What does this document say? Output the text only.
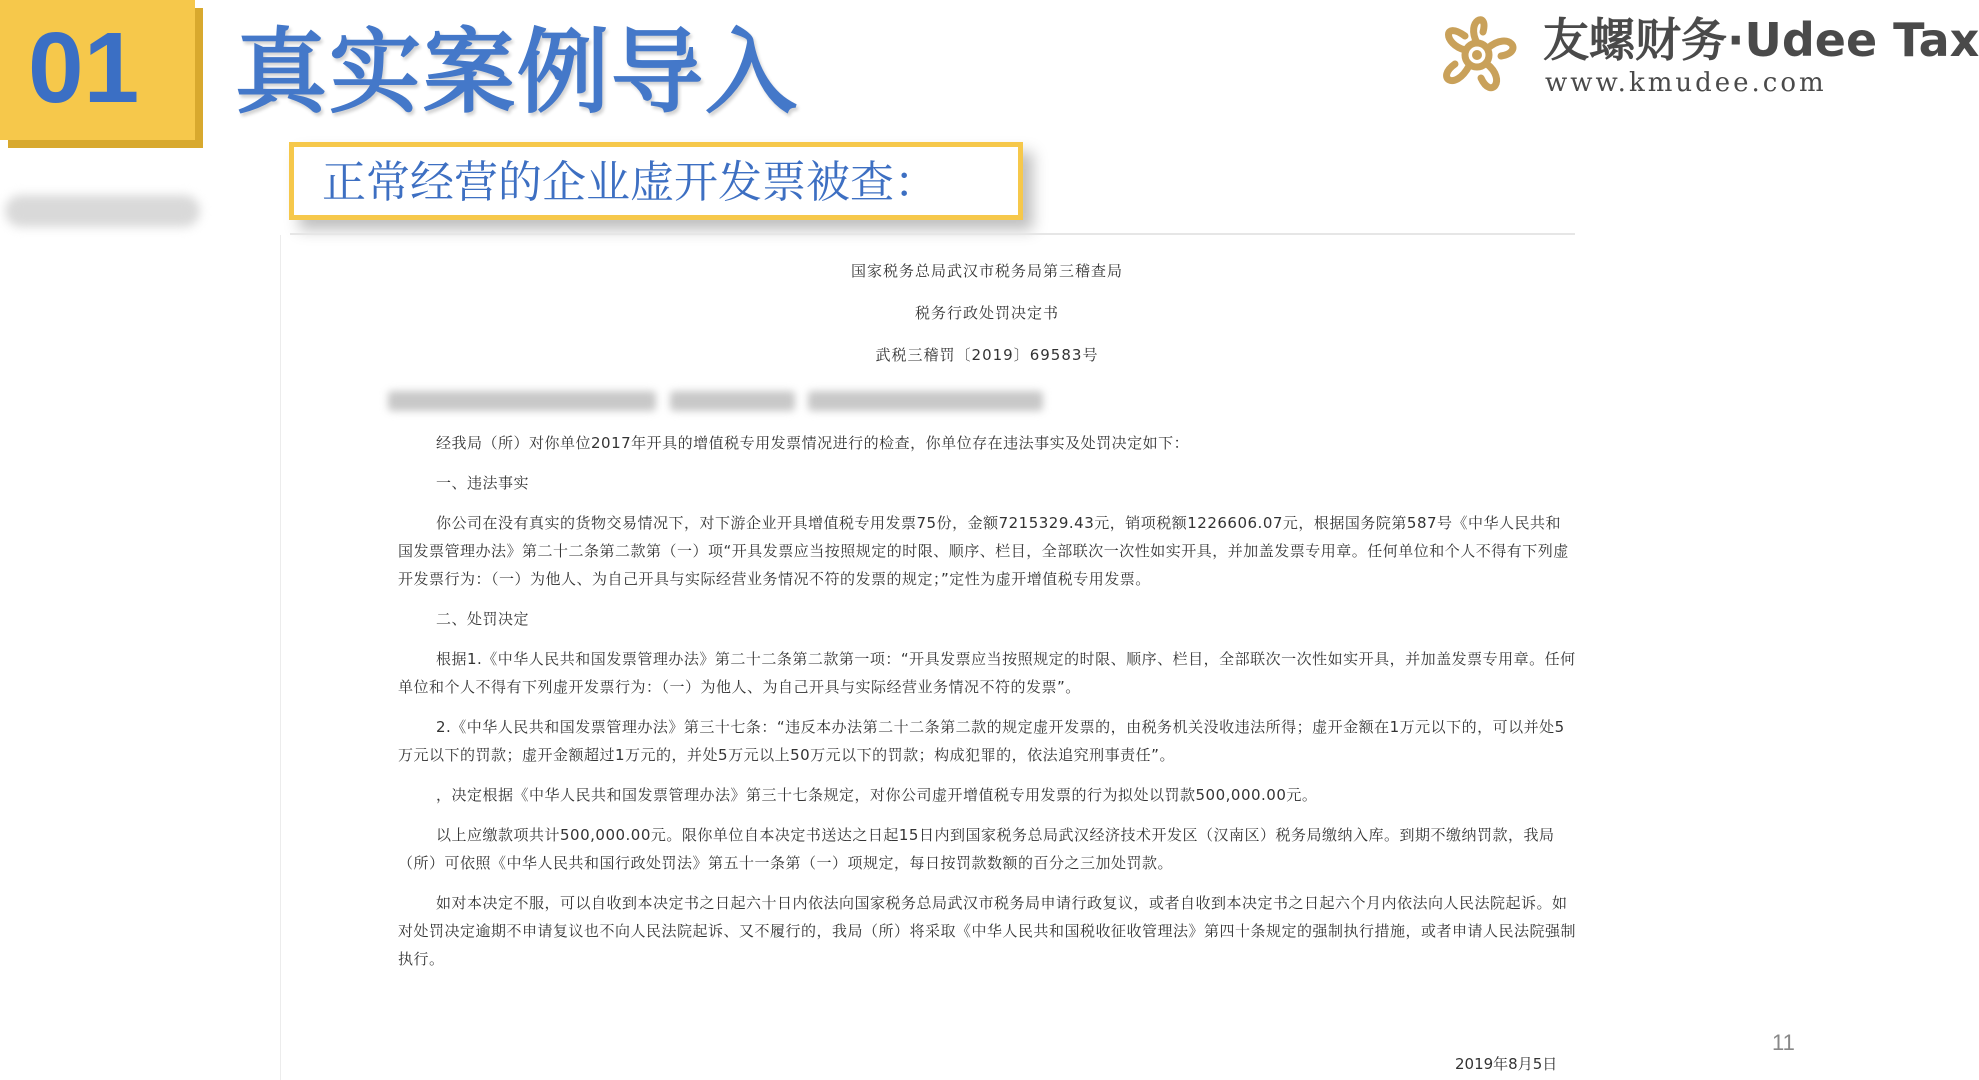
01 真实案例导入
正常经营的企业虚开发票被查：
友螺财务·Udee Tax
www.kmudee.com
国家税务总局武汉市税务局第三稽查局
税务行政处罚决定书
武税三稽罚〔2019〕69583号

经我局（所）对你单位2017年开具的增值税专用发票情况进行的检查，你单位存在违法事实及处罚决定如下：

一、违法事实

你公司在没有真实的货物交易情况下，对下游企业开具增值税专用发票75份，金额7215329.43元，销项税额1226606.07元，根据国务院第587号《中华人民共和国发票管理办法》第二十二条第二款第（一）项“开具发票应当按照规定的时限、顺序、栏目，全部联次一次性如实开具，并加盖发票专用章。任何单位和个人不得有下列虚开发票行为：（一）为他人、为自己开具与实际经营业务情况不符的发票的规定；”定性为虚开增值税专用发票。

二、处罚决定

根据1.《中华人民共和国发票管理办法》第二十二条第二款第一项：“开具发票应当按照规定的时限、顺序、栏目，全部联次一次性如实开具，并加盖发票专用章。任何单位和个人不得有下列虚开发票行为：（一）为他人、为自己开具与实际经营业务情况不符的发票”。

2.《中华人民共和国发票管理办法》第三十七条：“违反本办法第二十二条第二款的规定虚开发票的，由税务机关没收违法所得；虚开金额在1万元以下的，可以并处5万元以下的罚款；虚开金额超过1万元的，并处5万元以上50万元以下的罚款；构成犯罪的，依法追究刑事责任”。

，决定根据《中华人民共和国发票管理办法》第三十七条规定，对你公司虚开增值税专用发票的行为拟处以罚款500,000.00元。

以上应缴款项共计500,000.00元。限你单位自本决定书送达之日起15日内到国家税务总局武汉经济技术开发区（汉南区）税务局缴纳入库。到期不缴纳罚款，我局（所）可依照《中华人民共和国行政处罚法》第五十一条第（一）项规定，每日按罚款数额的百分之三加处罚款。

如对本决定不服，可以自收到本决定书之日起六十日内依法向国家税务总局武汉市税务局申请行政复议，或者自收到本决定书之日起六个月内依法向人民法院起诉。如对处罚决定逾期不申请复议也不向人民法院起诉、又不履行的，我局（所）将采取《中华人民共和国税收征收管理法》第四十条规定的强制执行措施，或者申请人民法院强制执行。

2019年8月5日
11
